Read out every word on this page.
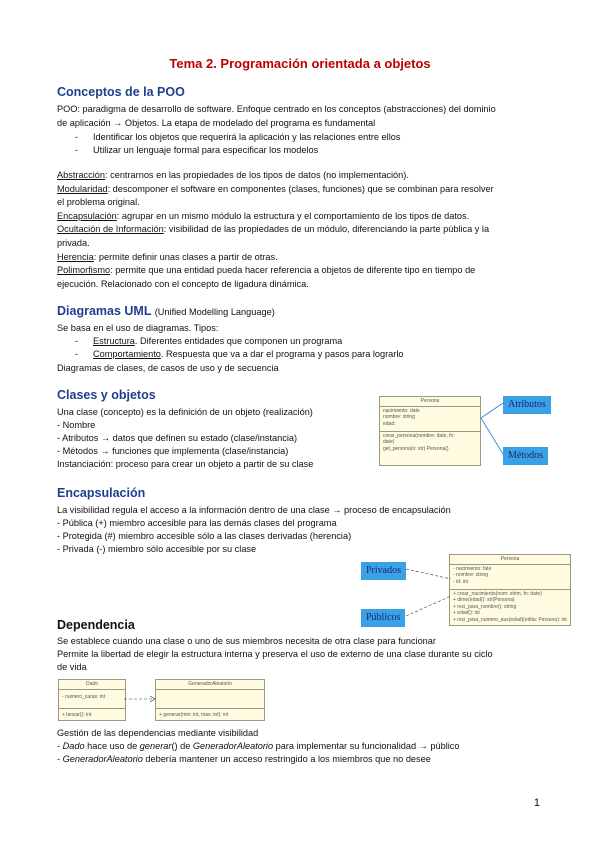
Tema 2. Programación orientada a objetos
Conceptos de la POO
POO: paradigma de desarrollo de software. Enfoque centrado en los conceptos (abstracciones) del dominio
de aplicación → Objetos. La etapa de modelado del programa es fundamental
- Identificar los objetos que requerirá la aplicación y las relaciones entre ellos
- Utilizar un lenguaje formal para especificar los modelos
Abstracción: centrarnos en las propiedades de los tipos de datos (no implementación).
Modularidad: descomponer el software en componentes (clases, funciones) que se combinan para resolver
el problema original.
Encapsulación: agrupar en un mismo módulo la estructura y el comportamiento de los tipos de datos.
Ocultación de Información: visibilidad de las propiedades de un módulo, diferenciando la parte pública y la
privada.
Herencia: permite definir unas clases a partir de otras.
Polimorfismo: permite que una entidad pueda hacer referencia a objetos de diferente tipo en tiempo de
ejecución. Relacionado con el concepto de ligadura dinámica.
Diagramas UML (Unified Modelling Language)
Se basa en el uso de diagramas. Tipos:
- Estructura. Diferentes entidades que componen un programa
- Comportamiento. Respuesta que va a dar el programa y pasos para lograrlo
Diagramas de clases, de casos de uso y de secuencia
Clases y objetos
Una clase (concepto) es la definición de un objeto (realización)
- Nombre
- Atributos → datos que definen su estado (clase/instancia)
- Métodos → funciones que implementa (clase/instancia)
Instanciación: proceso para crear un objeto a partir de su clase
Persona
nacimiento: date
nombre: string
edad:
crear_persona(nombre: date, fn:
date)
get_persona(n: str) Persona()
Atributos
Métodos
Encapsulación
La visibilidad regula el acceso a la información dentro de una clase → proceso de encapsulación
- Pública (+) miembro accesible para las demás clases del programa
- Protegida (#) miembro accesible sólo a las clases derivadas (herencia)
- Privada (-) miembro sólo accesible por su clase
Persona
- nacimiento: fate
- nombre: string
- id: int
+ crear_nacimiento(nom: strim, fn: date)
+ dime(edad(): str(Persona)
+ reci_para_nombre(): string
+ edad(): int
+ reci_para_numero_aux(edad)(edita: Persona): int
Privados
Públicos
Dependencia
Se establece cuando una clase o uno de sus miembros necesita de otra clase para funcionar
Permite la libertad de elegir la estructura interna y preserva el uso de externo de una clase durante su ciclo
de vida
Dado
- numero_caras: int
+ lanzar(): int
GeneradorAleatorio
+ generar(min: int, max: int): int
Gestión de las dependencias mediante visibilidad
- Dado hace uso de generar() de GeneradorAleatorio para implementar su funcionalidad → público
- GeneradorAleatorio debería mantener un acceso restringido a los miembros que no desee
1
